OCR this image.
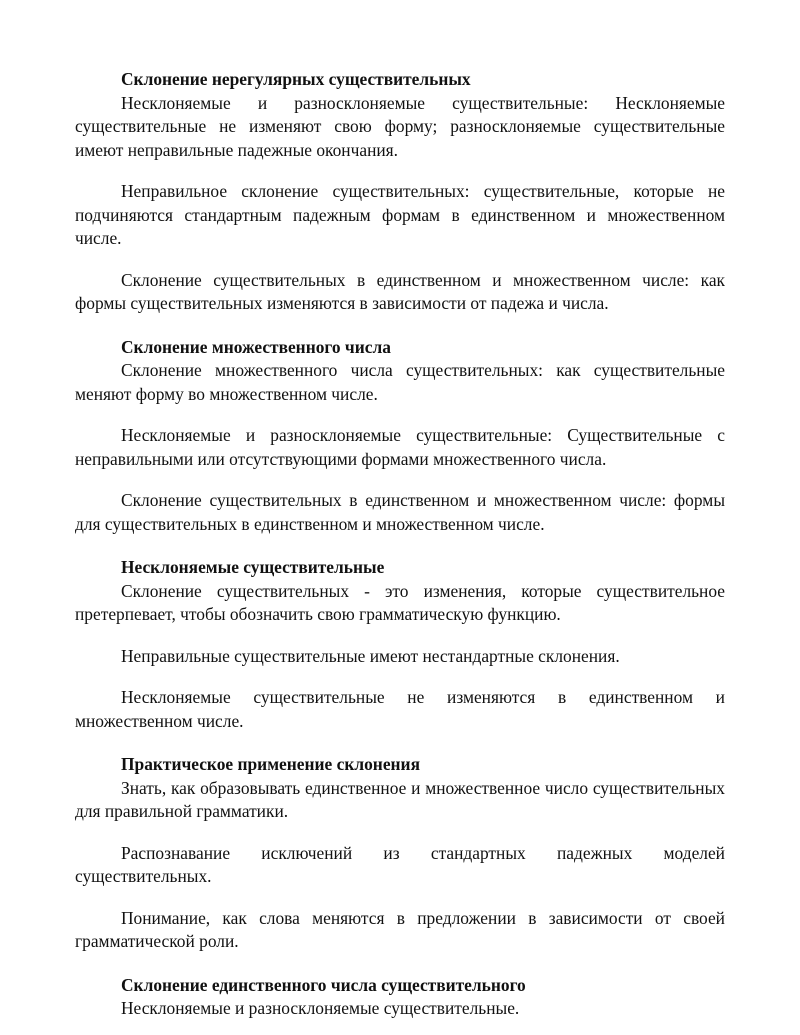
Склонение нерегулярных существительных

Несклоняемые и разносклоняемые существительные: Несклоняемые существительные не изменяют свою форму; разносклоняемые существительные имеют неправильные падежные окончания.

Неправильное склонение существительных: существительные, которые не подчиняются стандартным падежным формам в единственном и множественном числе.

Склонение существительных в единственном и множественном числе: как формы существительных изменяются в зависимости от падежа и числа.

Склонение множественного числа

Склонение множественного числа существительных: как существительные меняют форму во множественном числе.

Несклоняемые и разносклоняемые существительные: Существительные с неправильными или отсутствующими формами множественного числа.

Склонение существительных в единственном и множественном числе: формы для существительных в единственном и множественном числе.

Несклоняемые существительные

Склонение существительных - это изменения, которые существительное претерпевает, чтобы обозначить свою грамматическую функцию.

Неправильные существительные имеют нестандартные склонения.

Несклоняемые существительные не изменяются в единственном и множественном числе.

Практическое применение склонения

Знать, как образовывать единственное и множественное число существительных для правильной грамматики.

Распознавание исключений из стандартных падежных моделей существительных.

Понимание, как слова меняются в предложении в зависимости от своей грамматической роли.

Склонение единственного числа существительного

Несклоняемые и разносклоняемые существительные.
